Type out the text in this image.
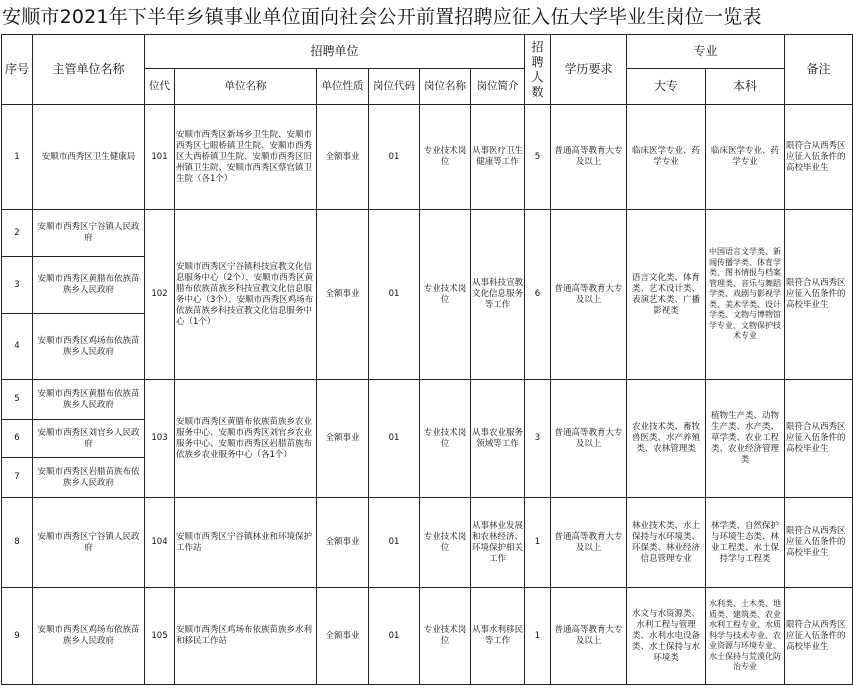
安顺市2021年下半年乡镇事业单位面向社会公开前置招聘应征入伍大学毕业生岗位一览表
序号	主管单位名称	招聘单位						招聘人数	学历要求	专业		备注
		位代	单位名称	单位性质	岗位代码	岗位名称	岗位简介			大专	本科	
1	安顺市西秀区卫生健康局	101	安顺市西秀区新场乡卫生院、安顺市西秀区七眼桥镇卫生院、安顺市西秀区大西桥镇卫生院、安顺市西秀区旧州镇卫生院、安顺市西秀区蔡官镇卫生院（各1个）	全额事业	01	专业技术岗位	从事医疗卫生健康等工作	5	普通高等教育大专及以上	临床医学专业、药学专业	临床医学专业、药学专业	限符合从西秀区应征入伍条件的高校毕业生
2	安顺市西秀区宁谷镇人民政府	102	安顺市西秀区宁谷镇科技宣教文化信息服务中心（2个）、安顺市西秀区黄腊布依族苗族乡科技宣教文化信息服务中心（3个）、安顺市西秀区鸡场布依族苗族乡科技宣教文化信息服务中心（1个）	全额事业	01	专业技术岗位	从事科技宣教文化信息服务等工作	6	普通高等教育大专及以上	语言文化类、体育类、艺术设计类、表演艺术类、广播影视类	中国语言文学类、新闻传播学类、体育学类、图书情报与档案管理类、音乐与舞蹈学类、戏剧与影视学类、美术学类、设计学类、文物与博物馆学专业、文物保护技术专业	限符合从西秀区应征入伍条件的高校毕业生
3	安顺市西秀区黄腊布依族苗族乡人民政府											
4	安顺市西秀区鸡场布依族苗族乡人民政府											
5	安顺市西秀区黄腊布依族苗族乡人民政府	103	安顺市西秀区黄腊布依族苗族乡农业服务中心、安顺市西秀区刘官乡农业服务中心、安顺市西秀区岩腊苗族布依族乡农业服务中心（各1个）	全额事业	01	专业技术岗位	从事农业服务领域等工作	3	普通高等教育大专及以上	农业技术类、畜牧兽医类、水产养殖类、农林管理类	植物生产类、动物生产类、水产类、草学类、农业工程类、农业经济管理类	限符合从西秀区应征入伍条件的高校毕业生
6	安顺市西秀区刘官乡人民政府											
7	安顺市西秀区岩腊苗族布依族乡人民政府											
8	安顺市西秀区宁谷镇人民政府	104	安顺市西秀区宁谷镇林业和环境保护工作站	全额事业	01	专业技术岗位	从事林业发展和农林经济、环境保护相关工作	1	普通高等教育大专及以上	林业技术类、水土保持与水环境类、环保类、林业经济信息管理专业	林学类、自然保护与环境生态类、林业工程类、水土保持学与工程类	限符合从西秀区应征入伍条件的高校毕业生
9	安顺市西秀区鸡场布依族苗族乡人民政府	105	安顺市西秀区鸡场布依族苗族乡水利和移民工作站	全额事业	01	专业技术岗位	从事水利移民等工作	1	普通高等教育大专及以上	水文与水资源类、水利工程与管理类、水利水电设备类、水土保持与水环境类	水利类、土木类、地质类、建筑类、农业水利工程专业、水质科学与技术专业、农业资源与环境专业、水土保持与荒漠化防治专业	限符合从西秀区应征入伍条件的高校毕业生
